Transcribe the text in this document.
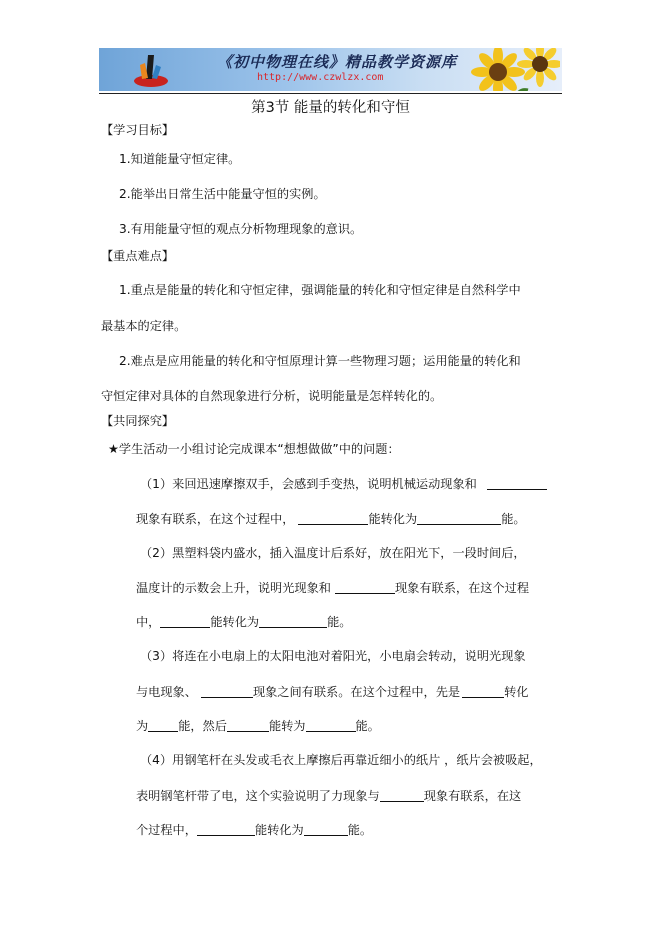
《初中物理在线》精品教学资源库
http://www.czwlzx.com
第3节 能量的转化和守恒
【学习目标】
1.知道能量守恒定律。
2.能举出日常生活中能量守恒的实例。
3.有用能量守恒的观点分析物理现象的意识。
【重点难点】
1.重点是能量的转化和守恒定律，强调能量的转化和守恒定律是自然科学中
最基本的定律。
2.难点是应用能量的转化和守恒原理计算一些物理习题；运用能量的转化和
守恒定律对具体的自然现象进行分析，说明能量是怎样转化的。
【共同探究】
★学生活动一小组讨论完成课本“想想做做”中的问题：
（1）来回迅速摩擦双手，会感到手变热，说明机械运动现象和
现象有联系，在这个过程中，	能转化为	能。
（2）黑塑料袋内盛水，插入温度计后系好，放在阳光下，一段时间后，
温度计的示数会上升，说明光现象和	现象有联系，在这个过程
中，	能转化为	能。
（3）将连在小电扇上的太阳电池对着阳光，小电扇会转动，说明光现象
与电现象、	现象之间有联系。在这个过程中，先是	转化
为 能，然后	能转为	能。
（4）用钢笔杆在头发或毛衣上摩擦后再靠近细小的纸片 ，纸片会被吸起，
表明钢笔杆带了电，这个实验说明了力现象与	现象有联系，在这
个过程中，	能转化为	能。
